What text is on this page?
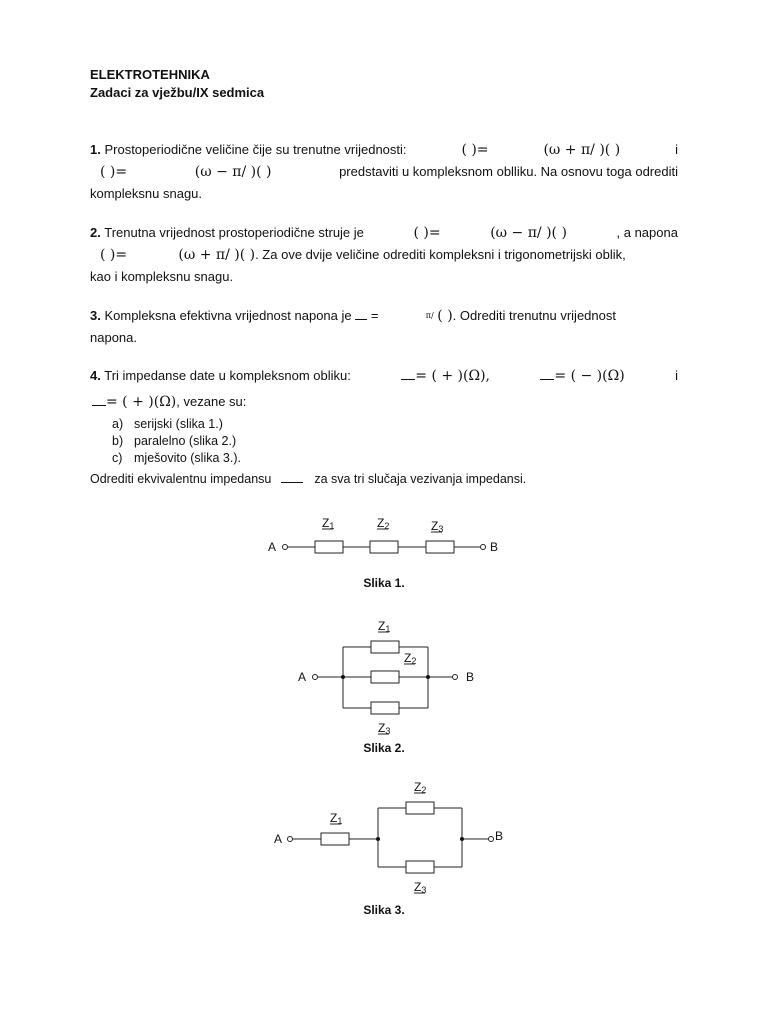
ELEKTROTEHNIKA
Zadaci za vježbu/IX sedmica
1. Prostoperiodične veličine čije su trenutne vrijednosti:	( )=	(ω + π/ )( )	i
( )=	(ω − π/ )( )	predstaviti u kompleksnom oblliku. Na osnovu toga odrediti
kompleksnu snagu.
2. Trenutna vrijednost prostoperiodične struje je	( )=	(ω − π/ )( )	, a napona
( )=	(ω + π/ )( ). Za ove dvije veličine odrediti kompleksni i trigonometrijski oblik,
kao i kompleksnu snagu.
3. Kompleksna efektivna vrijednost napona je =	$^{\pi/}$ ( ). Odrediti trenutnu vrijednost
napona.
4. Tri impedanse date u kompleksnom obliku:	= ( + )(Ω),	= ( − )(Ω)	i
= ( + )(Ω), vezane su:
a) serijski (slika 1.)
b) paralelno (slika 2.)
c) mješovito (slika 3.).
Odrediti ekvivalentnu impedansu	za sva tri slučaja vezivanja impedansi.
A	B
Z1	Z2	Z3
Slika 1.
A	B
Z1
Z2
Z3
Slika 2.
A	B
Z1
Z2
Z3
Slika 3.
